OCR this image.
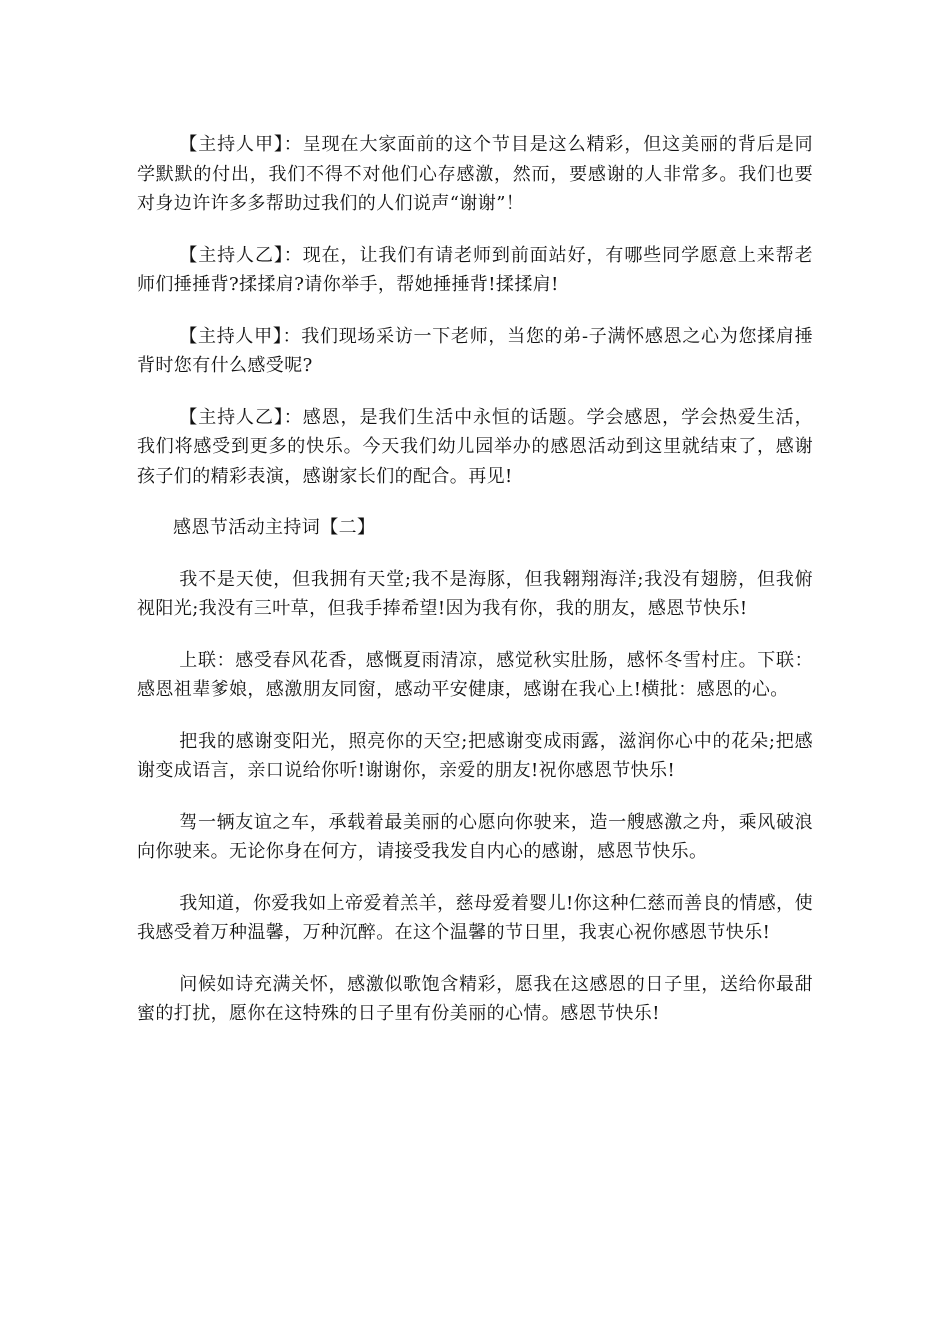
【主持人甲】：呈现在大家面前的这个节目是这么精彩，但这美丽的背后是同学默默的付出，我们不得不对他们心存感激，然而，要感谢的人非常多。我们也要对身边许许多多帮助过我们的人们说声“谢谢”！

【主持人乙】：现在，让我们有请老师到前面站好，有哪些同学愿意上来帮老师们捶捶背?揉揉肩?请你举手，帮她捶捶背!揉揉肩!

【主持人甲】：我们现场采访一下老师，当您的弟-子满怀感恩之心为您揉肩捶背时您有什么感受呢?

【主持人乙】：感恩，是我们生活中永恒的话题。学会感恩，学会热爱生活，我们将感受到更多的快乐。今天我们幼儿园举办的感恩活动到这里就结束了，感谢孩子们的精彩表演，感谢家长们的配合。再见!

感恩节活动主持词【二】

我不是天使，但我拥有天堂;我不是海豚，但我翱翔海洋;我没有翅膀，但我俯视阳光;我没有三叶草，但我手捧希望!因为我有你，我的朋友，感恩节快乐!

上联：感受春风花香，感慨夏雨清凉，感觉秋实肚肠，感怀冬雪村庄。下联：感恩祖辈爹娘，感激朋友同窗，感动平安健康，感谢在我心上!横批：感恩的心。

把我的感谢变阳光，照亮你的天空;把感谢变成雨露，滋润你心中的花朵;把感谢变成语言，亲口说给你听!谢谢你，亲爱的朋友!祝你感恩节快乐!

驾一辆友谊之车，承载着最美丽的心愿向你驶来，造一艘感激之舟，乘风破浪向你驶来。无论你身在何方，请接受我发自内心的感谢，感恩节快乐。

我知道，你爱我如上帝爱着羔羊，慈母爱着婴儿!你这种仁慈而善良的情感，使我感受着万种温馨，万种沉醉。在这个温馨的节日里，我衷心祝你感恩节快乐!

问候如诗充满关怀，感激似歌饱含精彩，愿我在这感恩的日子里，送给你最甜蜜的打扰，愿你在这特殊的日子里有份美丽的心情。感恩节快乐!
